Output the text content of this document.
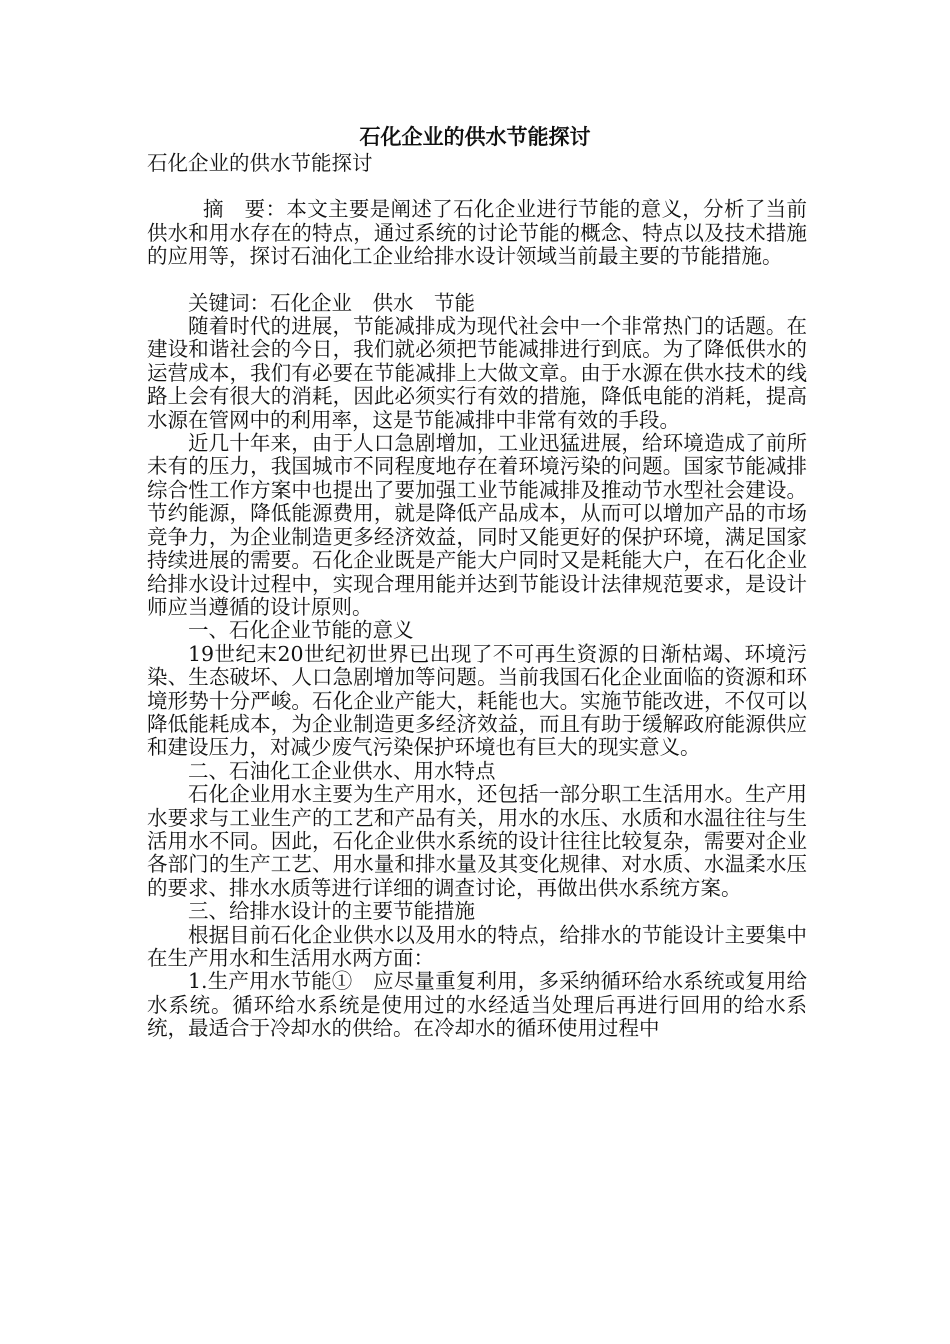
石化企业的供水节能探讨

石化企业的供水节能探讨

摘　要：本文主要是阐述了石化企业进行节能的意义，分析了当前供水和用水存在的特点，通过系统的讨论节能的概念、特点以及技术措施的应用等，探讨石油化工企业给排水设计领域当前最主要的节能措施。

关键词：石化企业　供水　节能

随着时代的进展，节能减排成为现代社会中一个非常热门的话题。在建设和谐社会的今日，我们就必须把节能减排进行到底。为了降低供水的运营成本，我们有必要在节能减排上大做文章。由于水源在供水技术的线路上会有很大的消耗，因此必须实行有效的措施，降低电能的消耗，提高水源在管网中的利用率，这是节能减排中非常有效的手段。

近几十年来，由于人口急剧增加，工业迅猛进展，给环境造成了前所未有的压力，我国城市不同程度地存在着环境污染的问题。国家节能减排综合性工作方案中也提出了要加强工业节能减排及推动节水型社会建设。节约能源，降低能源费用，就是降低产品成本，从而可以增加产品的市场竞争力，为企业制造更多经济效益，同时又能更好的保护环境，满足国家持续进展的需要。石化企业既是产能大户同时又是耗能大户，在石化企业给排水设计过程中，实现合理用能并达到节能设计法律规范要求，是设计师应当遵循的设计原则。

一、石化企业节能的意义

19世纪末20世纪初世界已出现了不可再生资源的日渐枯竭、环境污染、生态破坏、人口急剧增加等问题。当前我国石化企业面临的资源和环境形势十分严峻。石化企业产能大，耗能也大。实施节能改进，不仅可以降低能耗成本，为企业制造更多经济效益，而且有助于缓解政府能源供应和建设压力，对减少废气污染保护环境也有巨大的现实意义。

二、石油化工企业供水、用水特点

石化企业用水主要为生产用水，还包括一部分职工生活用水。生产用水要求与工业生产的工艺和产品有关，用水的水压、水质和水温往往与生活用水不同。因此，石化企业供水系统的设计往往比较复杂，需要对企业各部门的生产工艺、用水量和排水量及其变化规律、对水质、水温柔水压的要求、排水水质等进行详细的调查讨论，再做出供水系统方案。

三、给排水设计的主要节能措施

根据目前石化企业供水以及用水的特点，给排水的节能设计主要集中在生产用水和生活用水两方面：

1.生产用水节能①　应尽量重复利用，多采纳循环给水系统或复用给水系统。循环给水系统是使用过的水经适当处理后再进行回用的给水系统，最适合于冷却水的供给。在冷却水的循环使用过程中
